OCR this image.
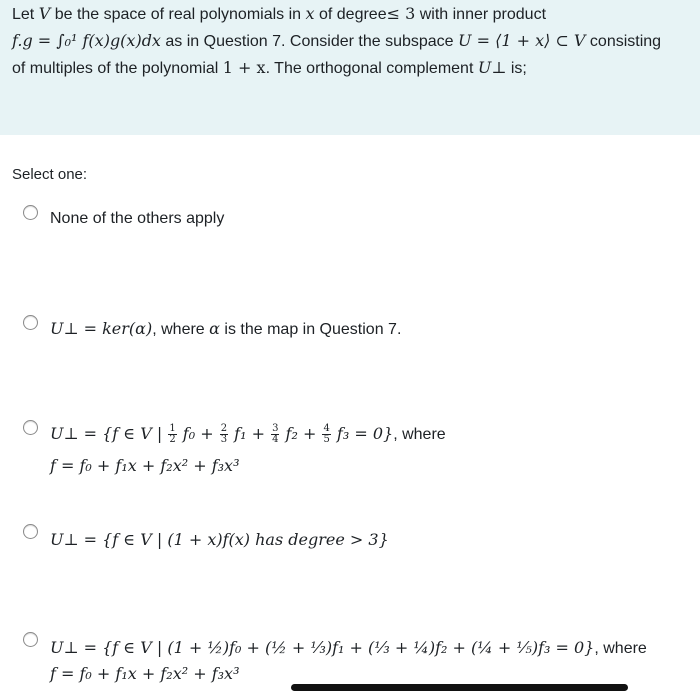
Let V be the space of real polynomials in x of degree≤ 3 with inner product
f.g = ∫₀¹ f(x)g(x)dx as in Question 7. Consider the subspace U = ⟨1 + x⟩ ⊂ V consisting
of multiples of the polynomial 1 + x. The orthogonal complement U⊥ is;
Select one:
None of the others apply
U⊥ = ker(α), where α is the map in Question 7.
U⊥ = {f ∈ V | $\frac{1}{2} f_0 + \frac{2}{3} f_1 + \frac{3}{4} f_2 + \frac{4}{5} f_3 = 0$}, where
f = f₀ + f₁x + f₂x² + f₃x³
U⊥ = {f ∈ V | (1 + x)f(x) has degree > 3}
U⊥ = {f ∈ V | (1 + ½)f₀ + (½ + ⅓)f₁ + (⅓ + ¼)f₂ + (¼ + ⅕)f₃ = 0}, where
f = f₀ + f₁x + f₂x² + f₃x³
